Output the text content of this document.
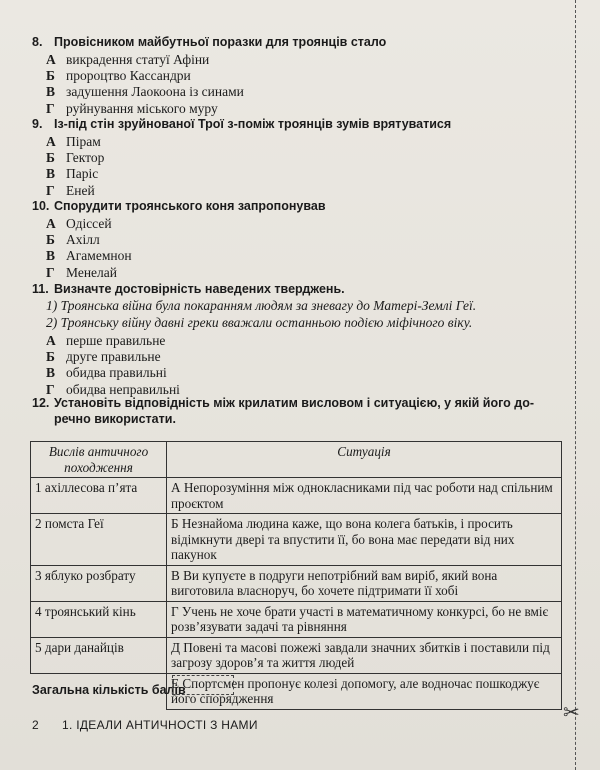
8. Провісником майбутньої поразки для троянців стало
А викрадення статуї Афіни
Б пророцтво Кассандри
В задушення Лаокоона із синами
Г руйнування міського муру
9. Із-під стін зруйнованої Трої з-поміж троянців зумів врятуватися
А Пірам
Б Гектор
В Паріс
Г Еней
10. Спорудити троянського коня запропонував
А Одіссей
Б Ахілл
В Агамемнон
Г Менелай
11. Визначте достовірність наведених тверджень.
1) Троянська війна була покаранням людям за зневагу до Матері-Землі Геї.
2) Троянську війну давні греки вважали останньою подією міфічного віку.
А перше правильне
Б друге правильне
В обидва правильні
Г обидва неправильні
12. Установіть відповідність між крилатим висловом і ситуацією, у якій його до-
речно використати.
Вислів античного походження	Ситуація
1 ахіллесова п’ята	А Непорозуміння між однокласниками під час роботи над спільним проєктом
2 помста Геї	Б Незнайома людина каже, що вона колега батьків, і просить відімкнути двері та впустити її, бо вона має передати від них пакунок
3 яблуко розбрату	В Ви купуєте в подруги непотрібний вам виріб, який вона виготовила власноруч, бо хочете підтримати її хобі
4 троянський кінь	Г Учень не хоче брати участі в математичному конкурсі, бо не вміє розв’язувати задачі та рівняння
5 дари данайців	Д Повені та масові пожежі завдали значних збитків і поставили під загрозу здоров’я та життя людей
	Е Спортсмен пропонує колезі допомогу, але водночас пошкоджує його спорядження
Загальна кількість балів
2 1. ІДЕАЛИ АНТИЧНОСТІ З НАМИ
✂
